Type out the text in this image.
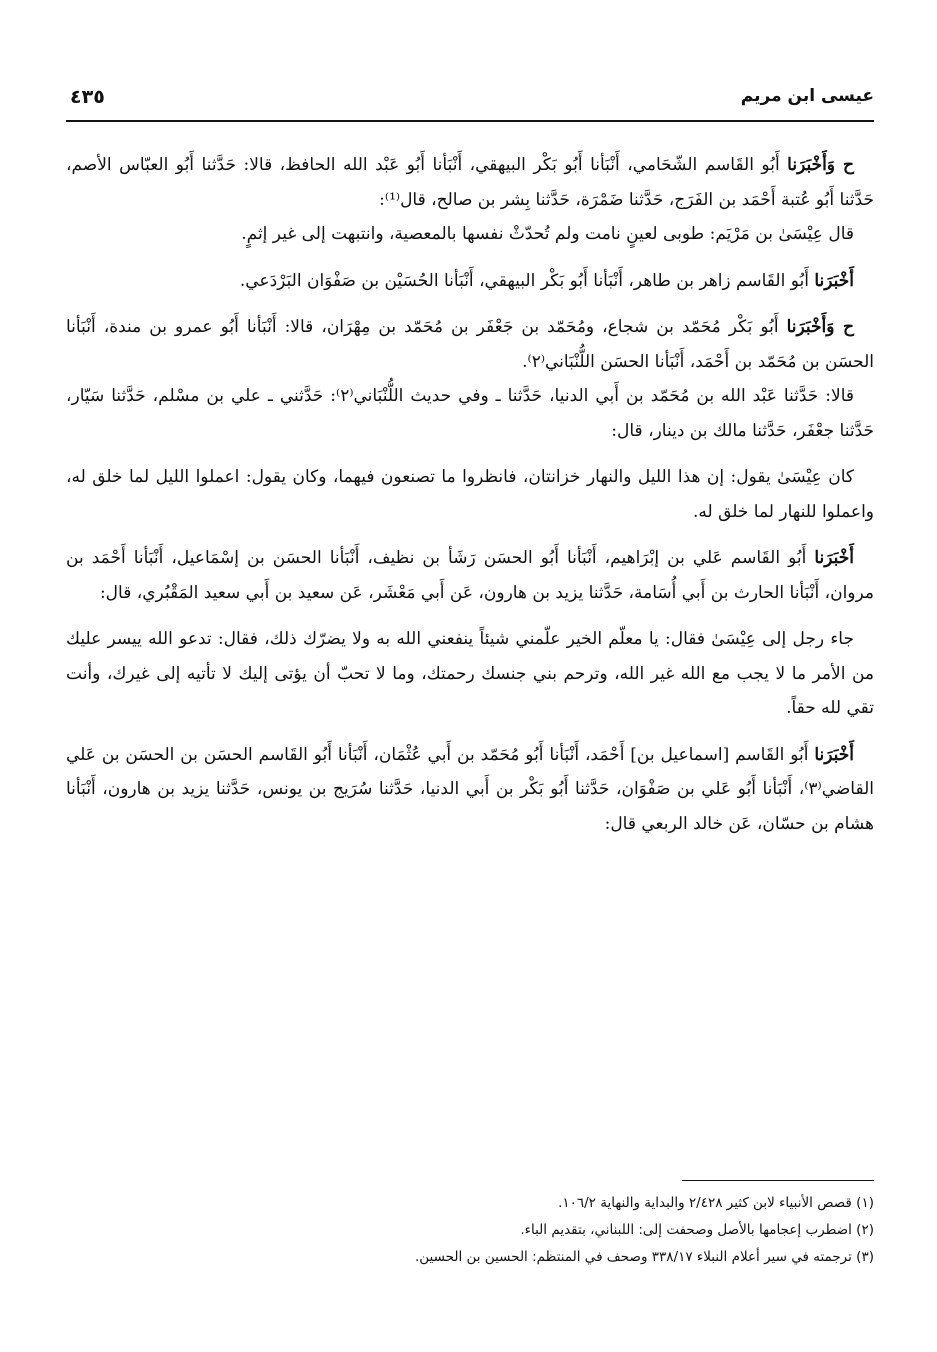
عيسى ابن مريم
٤٣٥

ح وَأَخْبَرَنا أَبُو القَاسم الشّحَامي، أَنْبَأنا أَبُو بَكْر البيهقي، أَنْبَأنا أَبُو عَبْد الله الحافظ، قالا: حَدَّثنا أَبُو العبّاس الأصم، حَدَّثنا أَبُو عُتبة أَحْمَد بن الفَرَج، حَدَّثنا ضَمْرَة، حَدَّثنا بِشر بن صالح، قال⁽¹⁾:

قال عِيْسَىٰ بن مَرْيَم: طوبى لعينٍ نامت ولم تُحدّثْ نفسها بالمعصية، وانتبهت إلى غير إثمٍ.

أَخْبَرَنا أَبُو القَاسم زاهر بن طاهر، أَنْبَأنا أَبُو بَكْر البيهقي، أَنْبَأنا الحُسَيْن بن صَفْوَان البَرْدَعي.

ح وَأَخْبَرَنا أَبُو بَكْر مُحَمّد بن شجاع، ومُحَمّد بن جَعْفَر بن مُحَمّد بن مِهْرَان، قالا: أَنْبَأنا أَبُو عمرو بن مندة، أَنْبَأنا الحسَن بن مُحَمّد بن أَحْمَد، أَنْبَأنا الحسَن اللُّنْبَاني⁽٢⁾.

قالا: حَدَّثنا عَبْد الله بن مُحَمّد بن أَبي الدنيا، حَدَّثنا ـ وفي حديث اللُّنْبَاني⁽٢⁾: حَدَّثني ـ علي بن مسْلم، حَدَّثنا سَيّار، حَدَّثنا جعْفَر، حَدَّثنا مالك بن دينار، قال:

كان عِيْسَىٰ يقول: إن هذا الليل والنهار خزانتان، فانظروا ما تصنعون فيهما، وكان يقول: اعملوا الليل لما خلق له، واعملوا للنهار لما خلق له.

أَخْبَرَنا أَبُو القَاسم عَلي بن إبْرَاهيم، أَنْبَأنا أَبُو الحسَن رَشَأ بن نظيف، أَنْبَأنا الحسَن بن إسْمَاعيل، أَنْبَأنا أَحْمَد بن مروان، أَنْبَأنا الحارث بن أَبي أُسَامة، حَدَّثنا يزيد بن هارون، عَن أَبي مَعْشَر، عَن سعيد بن أَبي سعيد المَقْبُري، قال:

جاء رجل إلى عِيْسَىٰ فقال: يا معلّم الخير علّمني شيئاً ينفعني الله به ولا يضرّك ذلك، فقال: تدعو الله ييسر عليك من الأمر ما لا يجب مع الله غير الله، وترحم بني جنسك رحمتك، وما لا تحبّ أن يؤتى إليك لا تأتيه إلى غيرك، وأنت تقي لله حقاً.

أَخْبَرَنا أَبُو القَاسم [اسماعيل بن] أَحْمَد، أَنْبَأنا أَبُو مُحَمّد بن أَبي عُثْمَان، أَنْبَأنا أَبُو القَاسم الحسَن بن الحسَن بن عَلي القاضي⁽٣⁾، أَنْبَأنا أَبُو عَلي بن صَفْوَان، حَدَّثنا أَبُو بَكْر بن أَبي الدنيا، حَدَّثنا سُرَيج بن يونس، حَدَّثنا يزيد بن هارون، أَنْبَأنا هشام بن حسّان، عَن خالد الربعي قال:

(١) قصص الأنبياء لابن كثير ٢/٤٢٨ والبداية والنهاية ١٠٦/٢.

(٢) اضطرب إعجامها بالأصل وصحفت إلى: اللبناني، بتقديم الباء.

(٣) ترجمته في سير أعلام النبلاء ٣٣٨/١٧ وصحف في المنتظم: الحسين بن الحسين.
